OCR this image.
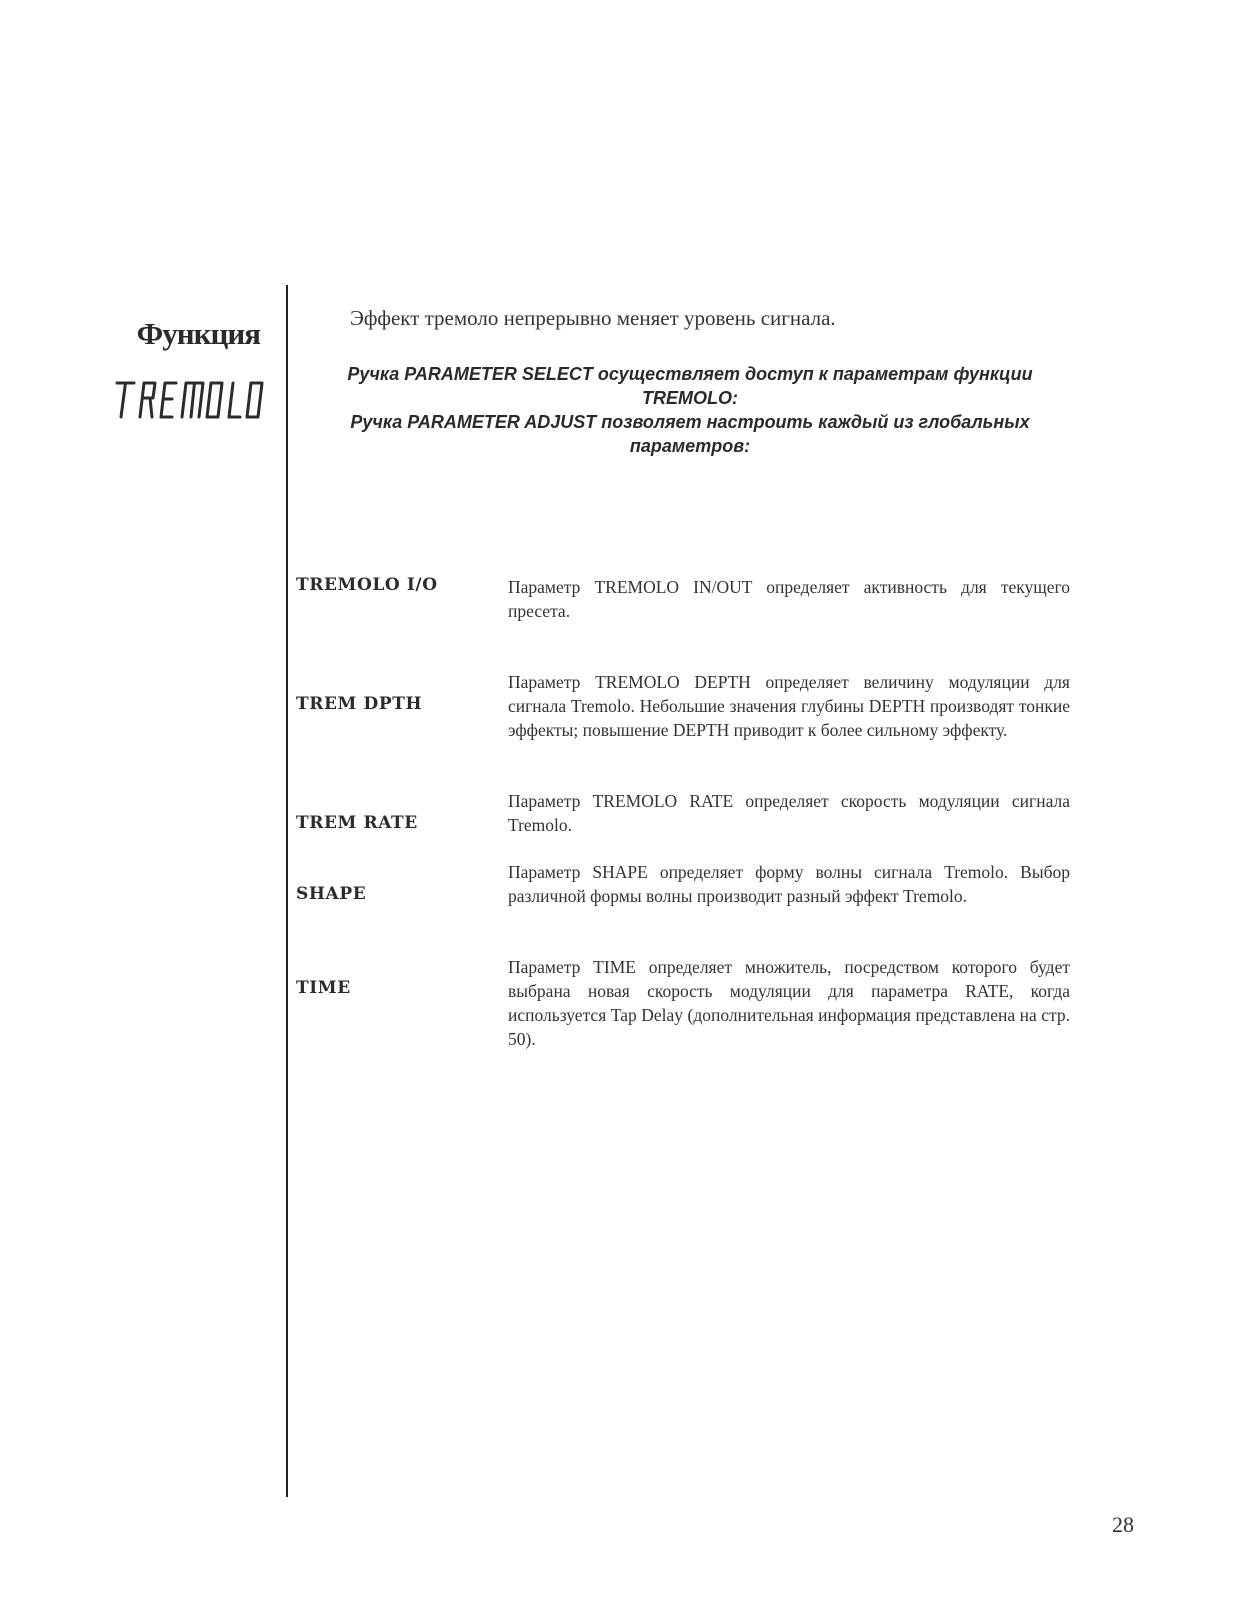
Функция	Эффект тремоло непрерывно меняет уровень сигнала.

Ручка PARAMETER SELECT осуществляет доступ к параметрам функции TREMOLO:

Ручка PARAMETER ADJUST позволяет настроить каждый из глобальных параметров:

TREMOLO I/O	Параметр TREMOLO IN/OUT определяет активность для текущего пресета.

TREM DPTH

Параметр TREMOLO DEPTH определяет величину модуляции для сигнала Tremolo. Небольшие значения глубины DEPTH производят тонкие эффекты; повышение DEPTH приводит к более сильному эффекту.

TREM RATE

Параметр TREMOLO RATE определяет скорость модуляции сигнала Tremolo.

SHAPE

Параметр SHAPE определяет форму волны сигнала Tremolo. Выбор различной формы волны производит разный эффект Tremolo.

TIME

Параметр TIME определяет множитель, посредством которого будет выбрана новая скорость модуляции для параметра RATE, когда используется Tap Delay (дополнительная информация представлена на стр. 50).

28
